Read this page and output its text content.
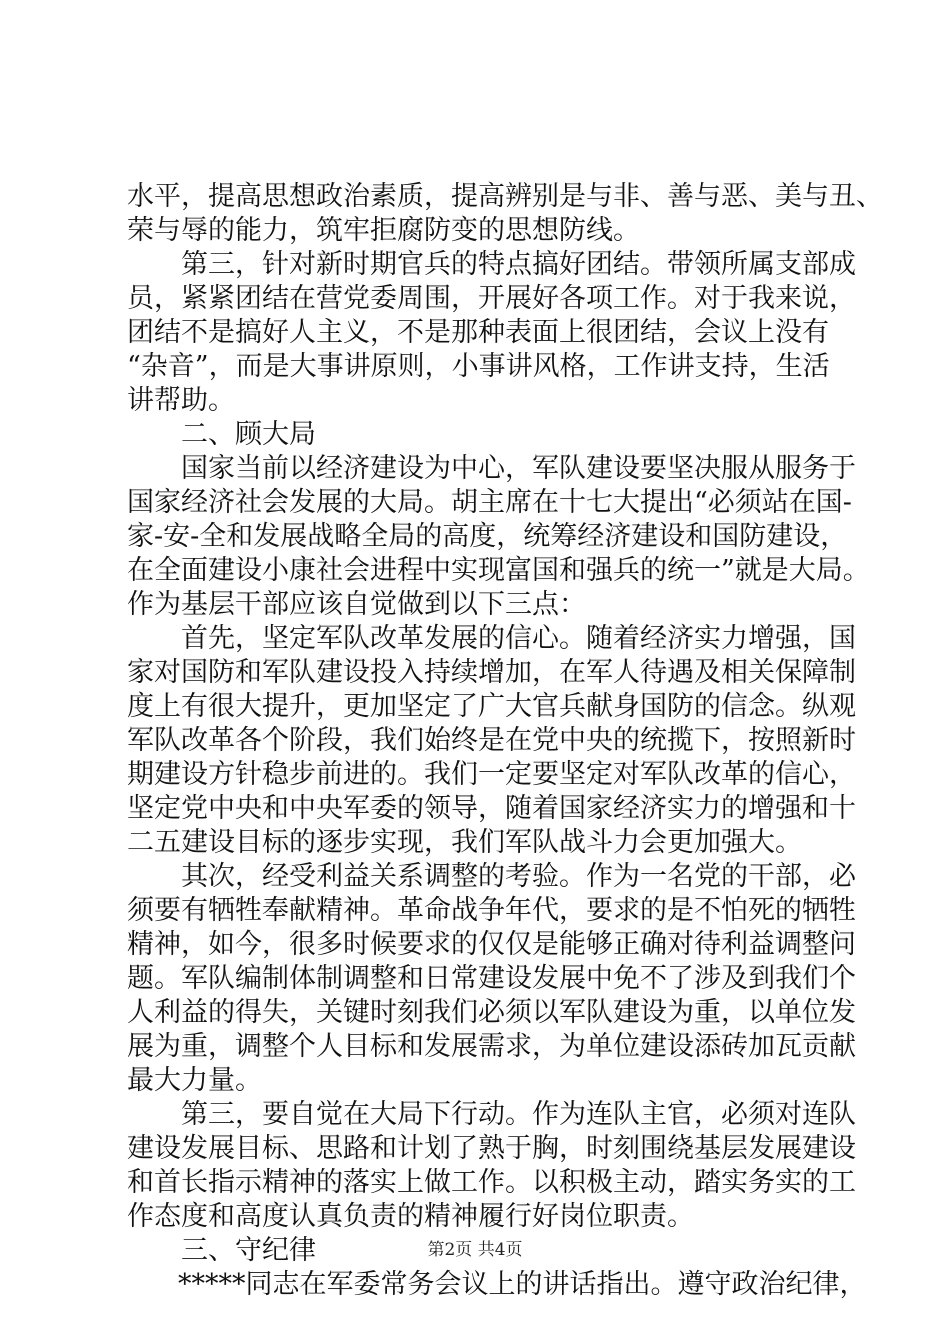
水平，提高思想政治素质，提高辨别是与非、善与恶、美与丑、
荣与辱的能力，筑牢拒腐防变的思想防线。
第三，针对新时期官兵的特点搞好团结。带领所属支部成
员，紧紧团结在营党委周围，开展好各项工作。对于我来说，
团结不是搞好人主义，不是那种表面上很团结，会议上没有
“杂音”，而是大事讲原则，小事讲风格，工作讲支持，生活
讲帮助。
二、顾大局
国家当前以经济建设为中心，军队建设要坚决服从服务于
国家经济社会发展的大局。胡主席在十七大提出“必须站在国-
家-安-全和发展战略全局的高度，统筹经济建设和国防建设，
在全面建设小康社会进程中实现富国和强兵的统一”就是大局。
作为基层干部应该自觉做到以下三点：
首先，坚定军队改革发展的信心。随着经济实力增强，国
家对国防和军队建设投入持续增加，在军人待遇及相关保障制
度上有很大提升，更加坚定了广大官兵献身国防的信念。纵观
军队改革各个阶段，我们始终是在党中央的统揽下，按照新时
期建设方针稳步前进的。我们一定要坚定对军队改革的信心，
坚定党中央和中央军委的领导，随着国家经济实力的增强和十
二五建设目标的逐步实现，我们军队战斗力会更加强大。
其次，经受利益关系调整的考验。作为一名党的干部，必
须要有牺牲奉献精神。革命战争年代，要求的是不怕死的牺牲
精神，如今，很多时候要求的仅仅是能够正确对待利益调整问
题。军队编制体制调整和日常建设发展中免不了涉及到我们个
人利益的得失，关键时刻我们必须以军队建设为重，以单位发
展为重，调整个人目标和发展需求，为单位建设添砖加瓦贡献
最大力量。
第三，要自觉在大局下行动。作为连队主官，必须对连队
建设发展目标、思路和计划了熟于胸，时刻围绕基层发展建设
和首长指示精神的落实上做工作。以积极主动，踏实务实的工
作态度和高度认真负责的精神履行好岗位职责。
三、守纪律
*****同志在军委常务会议上的讲话指出。遵守政治纪律，
第2页 共4页
